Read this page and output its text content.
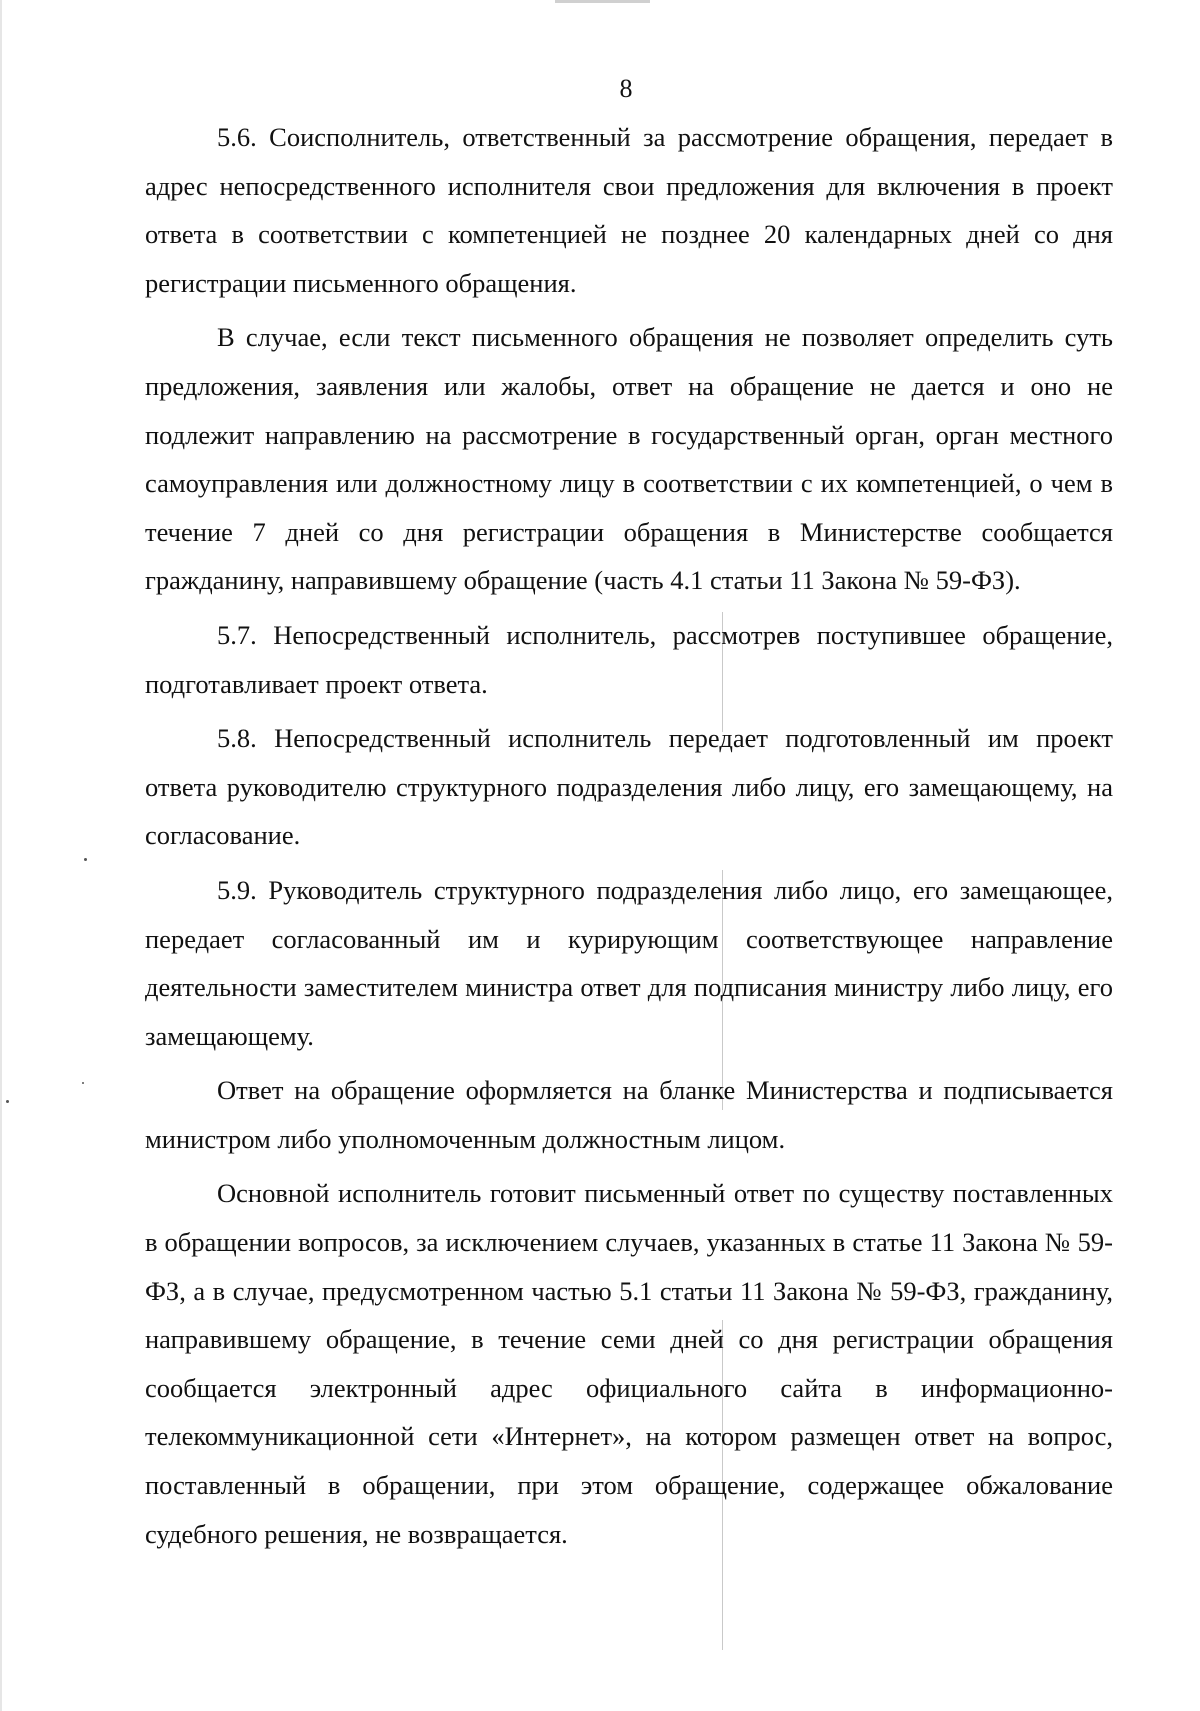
8

5.6. Соисполнитель, ответственный за рассмотрение обращения, передает в адрес непосредственного исполнителя свои предложения для включения в проект ответа в соответствии с компетенцией не позднее 20 календарных дней со дня регистрации письменного обращения.

В случае, если текст письменного обращения не позволяет определить суть предложения, заявления или жалобы, ответ на обращение не дается и оно не подлежит направлению на рассмотрение в государственный орган, орган местного самоуправления или должностному лицу в соответствии с их компетенцией, о чем в течение 7 дней со дня регистрации обращения в Министерстве сообщается гражданину, направившему обращение (часть 4.1 статьи 11 Закона № 59-ФЗ).

5.7. Непосредственный исполнитель, рассмотрев поступившее обращение, подготавливает проект ответа.

5.8. Непосредственный исполнитель передает подготовленный им проект ответа руководителю структурного подразделения либо лицу, его замещающему, на согласование.

5.9. Руководитель структурного подразделения либо лицо, его замещающее, передает согласованный им и курирующим соответствующее направление деятельности заместителем министра ответ для подписания министру либо лицу, его замещающему.

Ответ на обращение оформляется на бланке Министерства и подписывается министром либо уполномоченным должностным лицом.

Основной исполнитель готовит письменный ответ по существу поставленных в обращении вопросов, за исключением случаев, указанных в статье 11 Закона № 59-ФЗ, а в случае, предусмотренном частью 5.1 статьи 11 Закона № 59-ФЗ, гражданину, направившему обращение, в течение семи дней со дня регистрации обращения сообщается электронный адрес официального сайта в информационно-телекоммуникационной сети «Интернет», на котором размещен ответ на вопрос, поставленный в обращении, при этом обращение, содержащее обжалование судебного решения, не возвращается.
